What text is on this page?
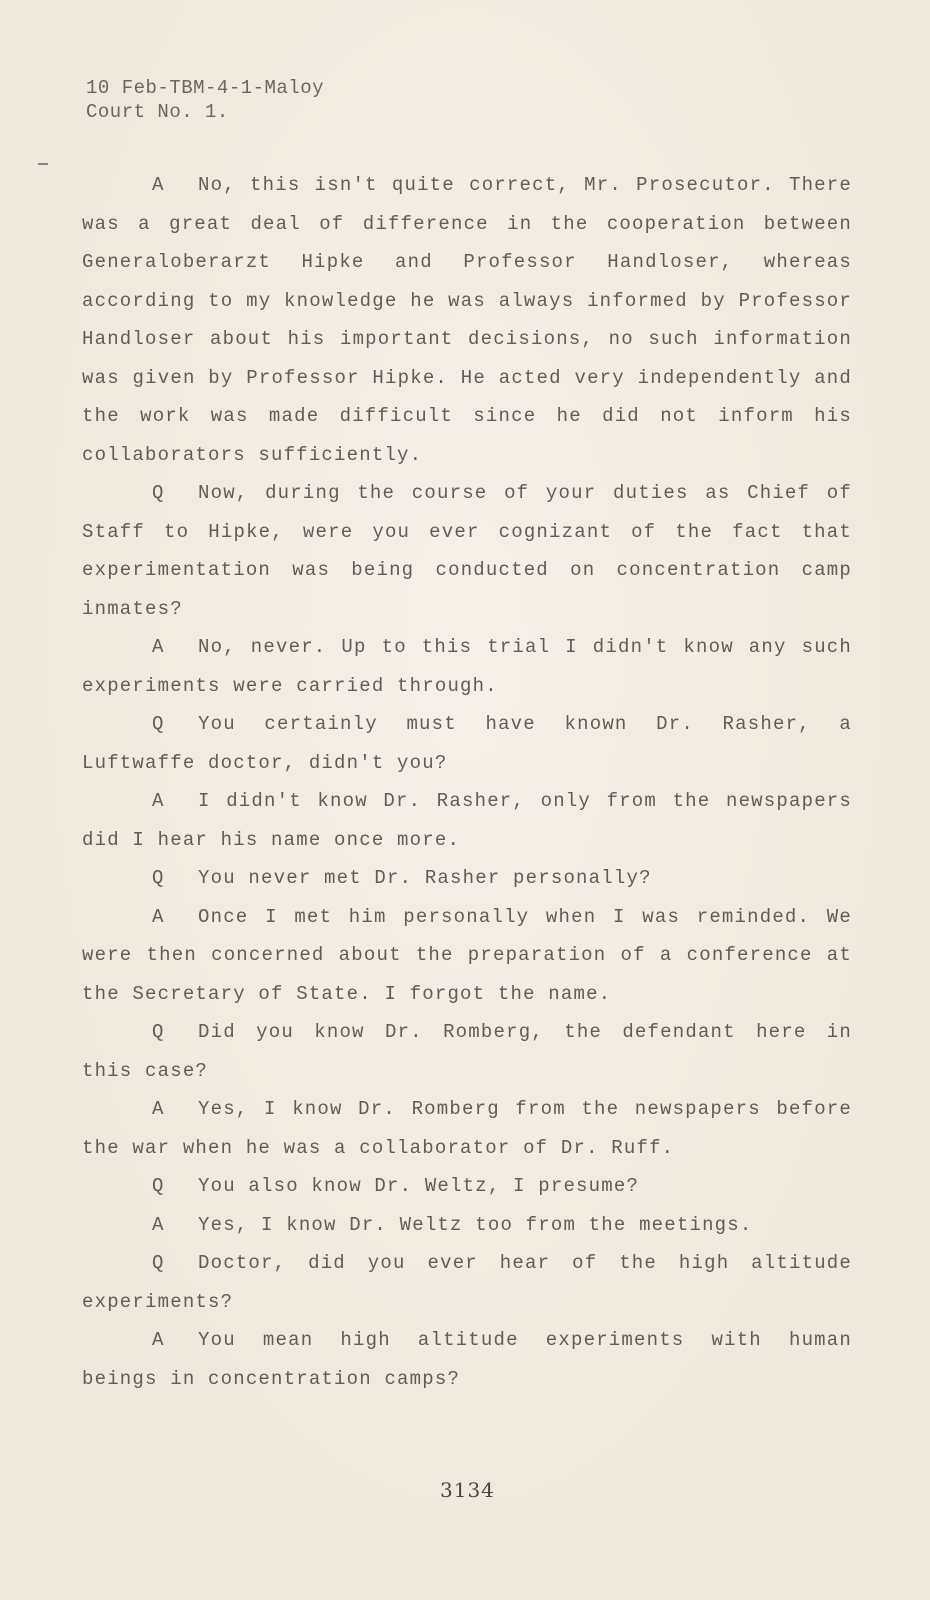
10 Feb-TBM-4-1-Maloy
Court No. 1.

A No, this isn't quite correct, Mr. Prosecutor. There was a great deal of difference in the cooperation between Generaloberarzt Hipke and Professor Handloser, whereas according to my knowledge he was always informed by Professor Handloser about his important decisions, no such information was given by Professor Hipke. He acted very independently and the work was made difficult since he did not inform his collaborators sufficiently.

Q Now, during the course of your duties as Chief of Staff to Hipke, were you ever cognizant of the fact that experimentation was being conducted on concentration camp inmates?

A No, never. Up to this trial I didn't know any such experiments were carried through.

Q You certainly must have known Dr. Rasher, a Luftwaffe doctor, didn't you?

A I didn't know Dr. Rasher, only from the newspapers did I hear his name once more.

Q You never met Dr. Rasher personally?

A Once I met him personally when I was reminded. We were then concerned about the preparation of a conference at the Secretary of State. I forgot the name.

Q Did you know Dr. Romberg, the defendant here in this case?

A Yes, I know Dr. Romberg from the newspapers before the war when he was a collaborator of Dr. Ruff.

Q You also know Dr. Weltz, I presume?

A Yes, I know Dr. Weltz too from the meetings.

Q Doctor, did you ever hear of the high altitude experiments?

A You mean high altitude experiments with human beings in concentration camps?

3134
